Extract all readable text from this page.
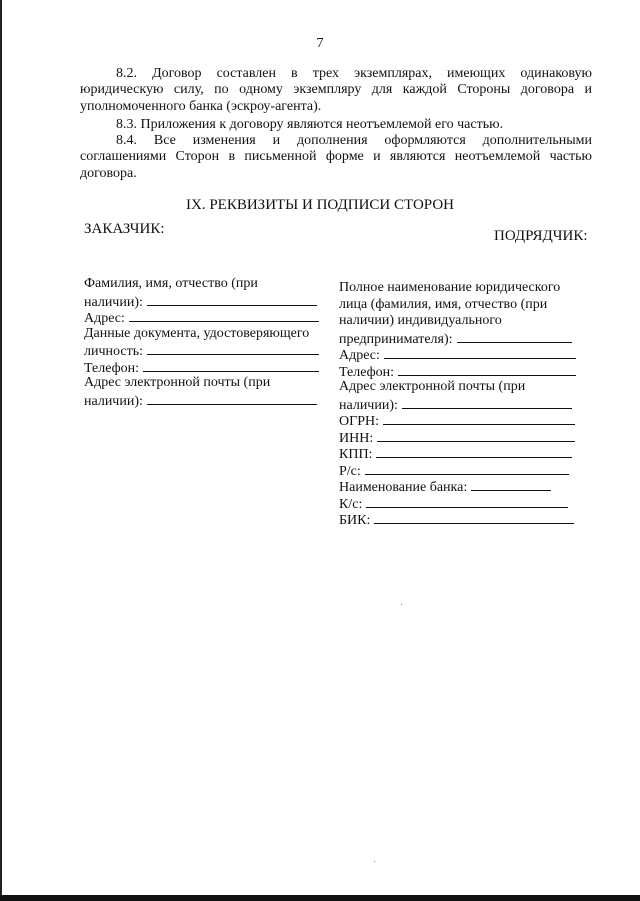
7

8.2. Договор составлен в трех экземплярах, имеющих одинаковую юридическую силу, по одному экземпляру для каждой Стороны договора и уполномоченного банка (эскроу-агента).

8.3. Приложения к договору являются неотъемлемой его частью.

8.4. Все изменения и дополнения оформляются дополнительными соглашениями Сторон в письменной форме и являются неотъемлемой частью договора.

IX. РЕКВИЗИТЫ И ПОДПИСИ СТОРОН
ЗАКАЗЧИК:	ПОДРЯДЧИК:
Фамилия, имя, отчество (при
наличии):
Адрес:
Данные документа, удостоверяющего
личность:
Телефон:
Адрес электронной почты (при
наличии):
Полное наименование юридического
лица (фамилия, имя, отчество (при
наличии) индивидуального
предпринимателя):
Адрес:
Телефон:
Адрес электронной почты (при
наличии):
ОГРН:
ИНН:
КПП:
Р/с:
Наименование банка:
К/с:
БИК:
